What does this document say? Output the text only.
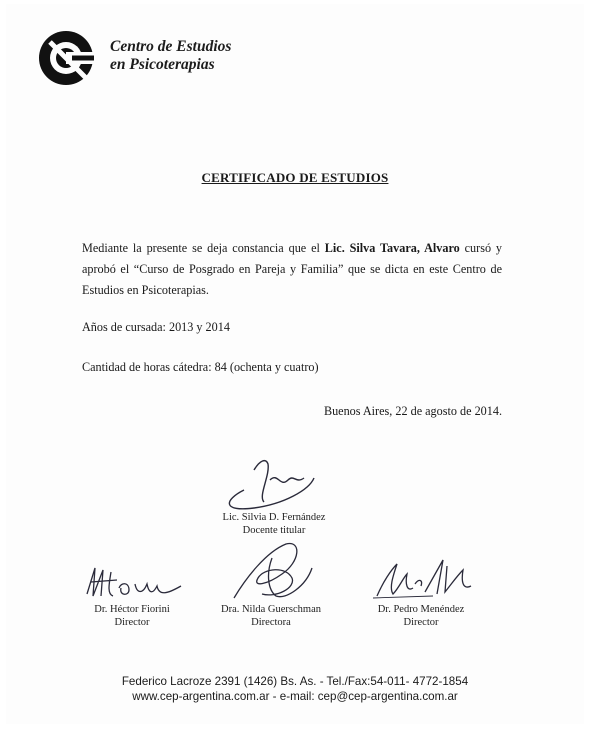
Centro de Estudios
en Psicoterapias
CERTIFICADO DE ESTUDIOS
Mediante la presente se deja constancia que el Lic. Silva Tavara, Alvaro cursó y aprobó el “Curso de Posgrado en Pareja y Familia” que se dicta en este Centro de Estudios en Psicoterapias.
Años de cursada: 2013 y 2014
Cantidad de horas cátedra: 84 (ochenta y cuatro)
Buenos Aires, 22 de agosto de 2014.
Lic. Silvia D. Fernández
Docente titular
Dr. Héctor Fiorini
Director
Dra. Nilda Guerschman
Directora
Dr. Pedro Menéndez
Director
Federico Lacroze 2391 (1426) Bs. As. - Tel./Fax:54-011- 4772-1854
www.cep-argentina.com.ar - e-mail: cep@cep-argentina.com.ar
